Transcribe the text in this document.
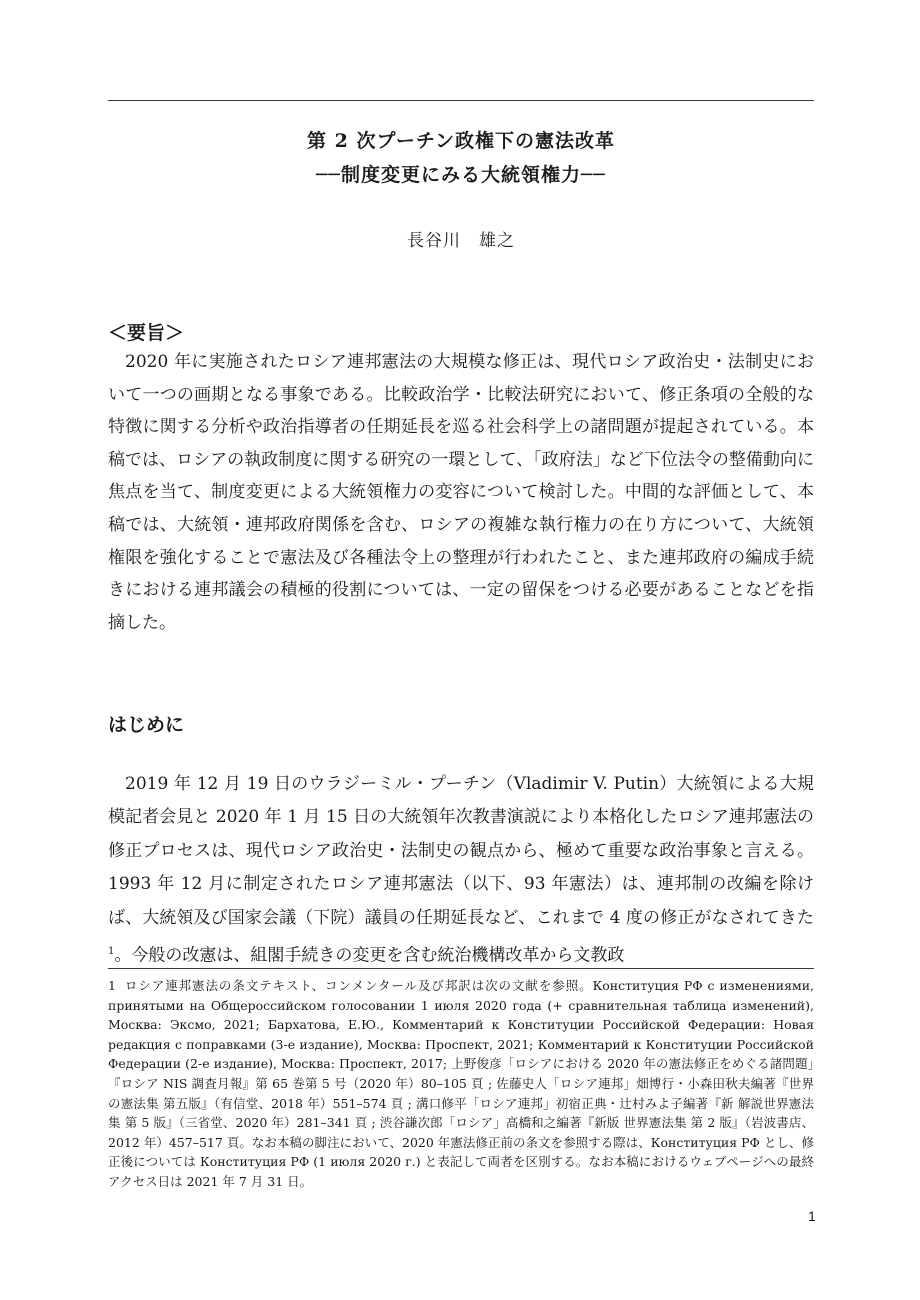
第 2 次プーチン政権下の憲法改革
──制度変更にみる大統領権力──
長谷川　雄之
＜要旨＞

2020 年に実施されたロシア連邦憲法の大規模な修正は、現代ロシア政治史・法制史において一つの画期となる事象である。比較政治学・比較法研究において、修正条項の全般的な特徴に関する分析や政治指導者の任期延長を巡る社会科学上の諸問題が提起されている。本稿では、ロシアの執政制度に関する研究の一環として、「政府法」など下位法令の整備動向に焦点を当て、制度変更による大統領権力の変容について検討した。中間的な評価として、本稿では、大統領・連邦政府関係を含む、ロシアの複雑な執行権力の在り方について、大統領権限を強化することで憲法及び各種法令上の整理が行われたこと、また連邦政府の編成手続きにおける連邦議会の積極的役割については、一定の留保をつける必要があることなどを指摘した。

はじめに

2019 年 12 月 19 日のウラジーミル・プーチン（Vladimir V. Putin）大統領による大規模記者会見と 2020 年 1 月 15 日の大統領年次教書演説により本格化したロシア連邦憲法の修正プロセスは、現代ロシア政治史・法制史の観点から、極めて重要な政治事象と言える。1993 年 12 月に制定されたロシア連邦憲法（以下、93 年憲法）は、連邦制の改編を除けば、大統領及び国家会議（下院）議員の任期延長など、これまで 4 度の修正がなされてきた$^1$。今般の改憲は、組閣手続きの変更を含む統治機構改革から文教政

1 ロシア連邦憲法の条文テキスト、コンメンタール及び邦訳は次の文献を参照。Конституция РФ с изменениями, принятыми на Общероссийском голосовании 1 июля 2020 года (+ сравнительная таблица изменений), Москва: Эксмо, 2021; Бархатова, Е.Ю., Комментарий к Конституции Российской Федерации: Новая редакция с поправками (3-е издание), Москва: Проспект, 2021; Комментарий к Конституции Российской Федерации (2-е издание), Москва: Проспект, 2017; 上野俊彦「ロシアにおける 2020 年の憲法修正をめぐる諸問題」『ロシア NIS 調査月報』第 65 巻第 5 号（2020 年）80–105 頁 ; 佐藤史人「ロシア連邦」畑博行・小森田秋夫編著『世界の憲法集 第五版』（有信堂、2018 年）551–574 頁 ; 溝口修平「ロシア連邦」初宿正典・辻村みよ子編著『新 解説世界憲法集 第 5 版』（三省堂、2020 年）281–341 頁 ; 渋谷謙次郎「ロシア」高橋和之編著『新版 世界憲法集 第 2 版』（岩波書店、2012 年）457–517 頁。なお本稿の脚注において、2020 年憲法修正前の条文を参照する際は、Конституция РФ とし、修正後については Конституция РФ (1 июля 2020 г.) と表記して両者を区別する。なお本稿におけるウェブページへの最終アクセス日は 2021 年 7 月 31 日。

1
